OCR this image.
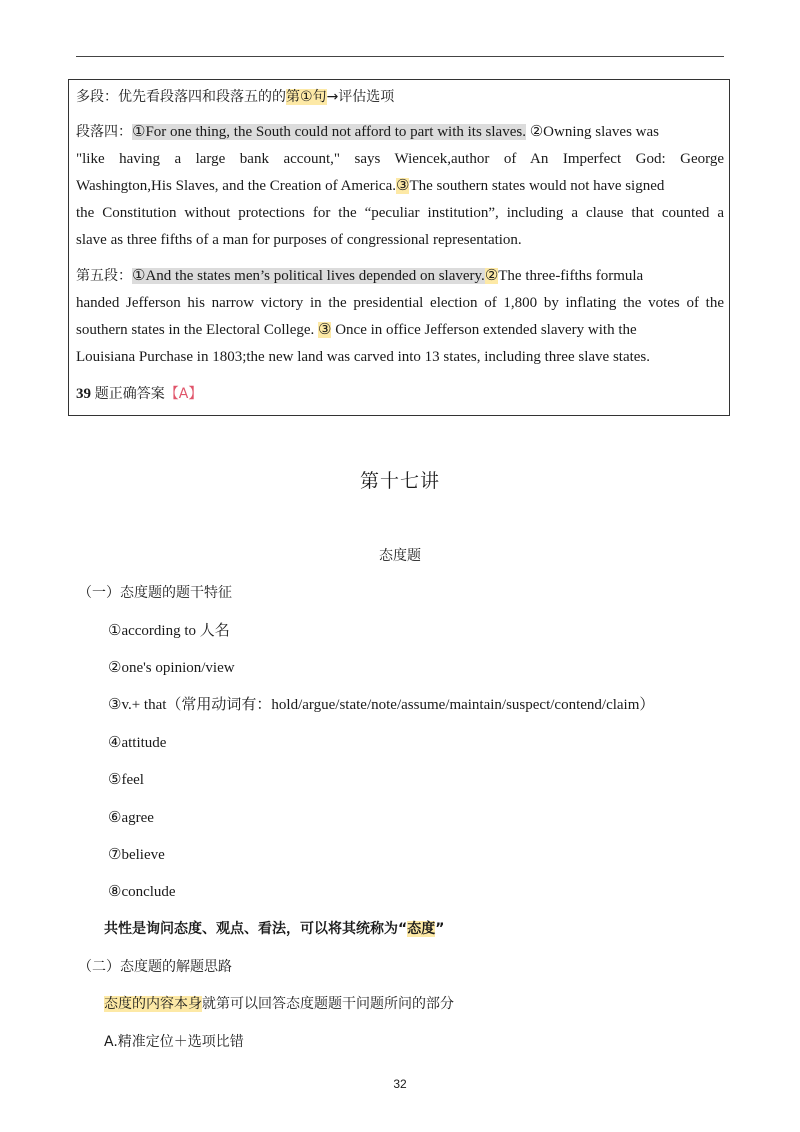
多段：优先看段落四和段落五的的第①句→评估选项
段落四：①For one thing, the South could not afford to part with its slaves. ②Owning slaves was
"like having a large bank account," says Wiencek,author of An Imperfect God: George
Washington,His Slaves, and the Creation of America.③The southern states would not have signed
the Constitution without protections for the “peculiar institution”, including a clause that counted a
slave as three fifths of a man for purposes of congressional representation.
第五段：①And the states men’s political lives depended on slavery.②The three-fifths formula
handed Jefferson his narrow victory in the presidential election of 1,800 by inflating the votes of the
southern states in the Electoral College. ③ Once in office Jefferson extended slavery with the
Louisiana Purchase in 1803;the new land was carved into 13 states, including three slave states.
39 题正确答案【A】
第十七讲
态度题
（一）态度题的题干特征
①according to 人名
②one's opinion/view
③v.+ that（常用动词有：hold/argue/state/note/assume/maintain/suspect/contend/claim）
④attitude
⑤feel
⑥agree
⑦believe
⑧conclude
共性是询问态度、观点、看法，可以将其统称为“态度”
（二）态度题的解题思路
态度的内容本身就第可以回答态度题题干问题所问的部分
A.精准定位＋选项比错
32
